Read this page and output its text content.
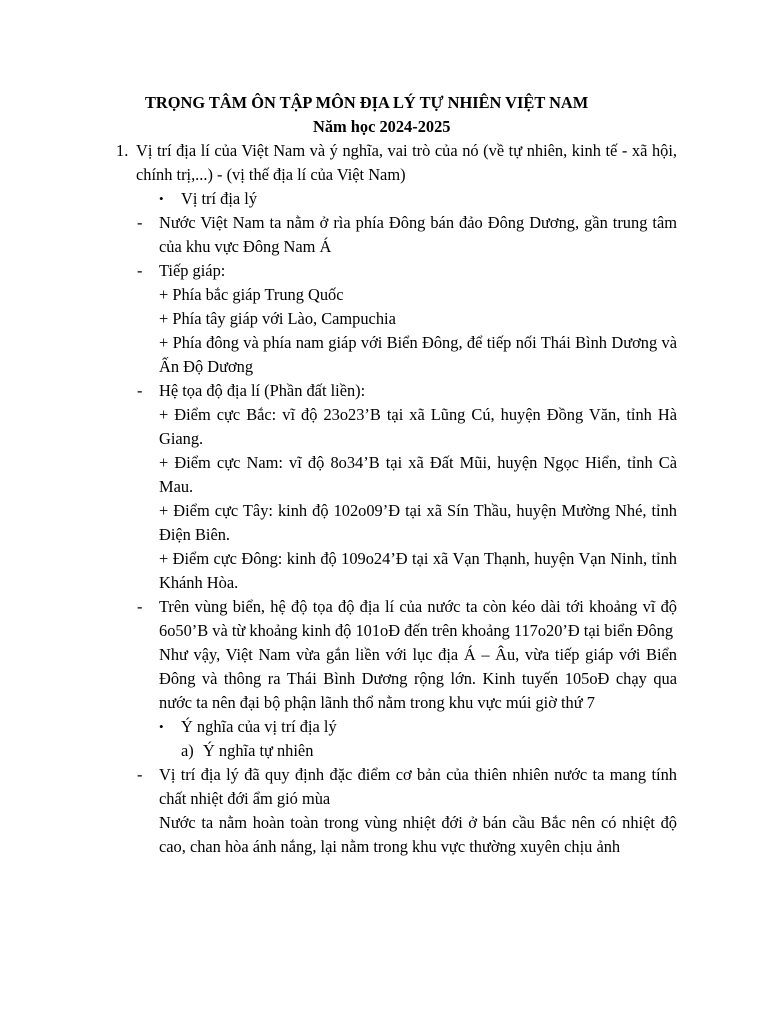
TRỌNG TÂM ÔN TẬP MÔN ĐỊA LÝ TỰ NHIÊN VIỆT NAM
Năm học 2024-2025
1. Vị trí địa lí của Việt Nam và ý nghĩa, vai trò của nó (về tự nhiên, kinh tế - xã hội, chính trị,...) - (vị thế địa lí của Việt Nam)
• Vị trí địa lý
- Nước Việt Nam ta nằm ở rìa phía Đông bán đảo Đông Dương, gần trung tâm của khu vực Đông Nam Á
- Tiếp giáp:
+ Phía bắc giáp Trung Quốc
+ Phía tây giáp với Lào, Campuchia
+ Phía đông và phía nam giáp với Biển Đông, để tiếp nối Thái Bình Dương và Ấn Độ Dương
- Hệ tọa độ địa lí (Phần đất liền):
+ Điểm cực Bắc: vĩ độ 23o23’B tại xã Lũng Cú, huyện Đồng Văn, tỉnh Hà Giang.
+ Điểm cực Nam: vĩ độ 8o34’B tại xã Đất Mũi, huyện Ngọc Hiển, tỉnh Cà Mau.
+ Điểm cực Tây: kinh độ 102o09’Đ tại xã Sín Thầu, huyện Mường Nhé, tỉnh Điện Biên.
+ Điểm cực Đông: kinh độ 109o24’Đ tại xã Vạn Thạnh, huyện Vạn Ninh, tỉnh Khánh Hòa.
- Trên vùng biển, hệ độ tọa độ địa lí của nước ta còn kéo dài tới khoảng vĩ độ 6o50’B và từ khoảng kinh độ 101oĐ đến trên khoảng 117o20’Đ tại biển Đông
Như vậy, Việt Nam vừa gắn liền với lục địa Á – Âu, vừa tiếp giáp với Biển Đông và thông ra Thái Bình Dương rộng lớn. Kinh tuyến 105oĐ chạy qua nước ta nên đại bộ phận lãnh thổ nằm trong khu vực múi giờ thứ 7
• Ý nghĩa của vị trí địa lý
a) Ý nghĩa tự nhiên
- Vị trí địa lý đã quy định đặc điểm cơ bản của thiên nhiên nước ta mang tính chất nhiệt đới ẩm gió mùa
Nước ta nằm hoàn toàn trong vùng nhiệt đới ở bán cầu Bắc nên có nhiệt độ cao, chan hòa ánh nắng, lại nằm trong khu vực thường xuyên chịu ảnh
